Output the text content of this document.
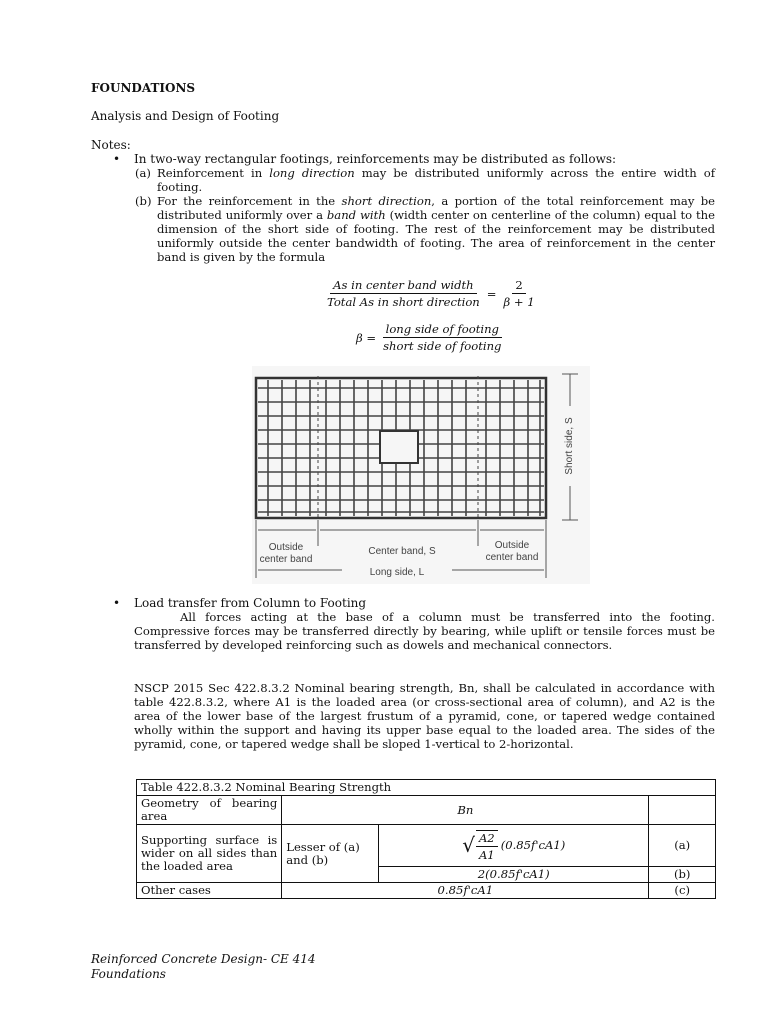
FOUNDATIONS
Analysis and Design of Footing
Notes:
• In two-way rectangular footings, reinforcements may be distributed as follows:
(a) Reinforcement in long direction may be distributed uniformly across the entire width of footing.
(b) For the reinforcement in the short direction, a portion of the total reinforcement may be distributed uniformly over a band with (width center on centerline of the column) equal to the dimension of the short side of footing. The rest of the reinforcement may be distributed uniformly outside the center bandwidth of footing. The area of reinforcement in the center band is given by the formula
$\frac{\text{As in center band width}}{\text{Total As in short direction}} = \frac{2}{\beta + 1}$
$\beta = \frac{\text{long side of footing}}{\text{short side of footing}}$
Outside
center band
Center band, S
Outside
center band
Long side, L
Short side, S
• Load transfer from Column to Footing
All forces acting at the base of a column must be transferred into the footing. Compressive forces may be transferred directly by bearing, while uplift or tensile forces must be transferred by developed reinforcing such as dowels and mechanical connectors.
NSCP 2015 Sec 422.8.3.2 Nominal bearing strength, Bn, shall be calculated in accordance with table 422.8.3.2, where A1 is the loaded area (or cross-sectional area of column), and A2 is the area of the lower base of the largest frustum of a pyramid, cone, or tapered wedge contained wholly within the support and having its upper base equal to the loaded area. The sides of the pyramid, cone, or tapered wedge shall be sloped 1-vertical to 2-horizontal.
Table 422.8.3.2 Nominal Bearing Strength			
Geometry of bearing area	Bn		
Supporting surface is wider on all sides than the loaded area	Lesser of (a) and (b)	√ $\frac{A2}{A1} (0.85f'cA1)$	(a)
		2(0.85f'cA1)	(b)
Other cases	0.85f'cA1		(c)
Reinforced Concrete Design- CE 414
Foundations
